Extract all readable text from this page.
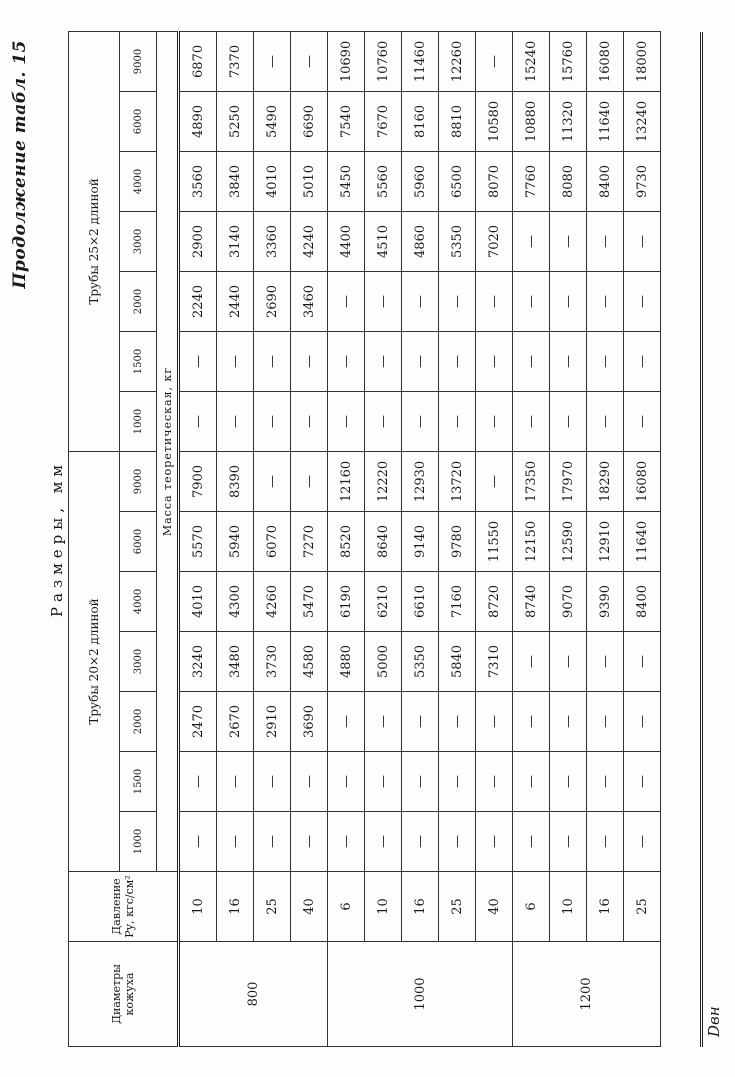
Продолжение табл. 15
Размеры, мм
Диаметры кожуха	Давление Pу, кгс/см²	Трубы 20×2 длиной							Трубы 25×2 длиной						
		1000	1500	2000	3000	4000	6000	9000	1000	1500	2000	3000	4000	6000	9000
		Масса теоретическая, кг													
800	10	—	—	2470	3240	4010	5570	7900	—	—	2240	2900	3560	4890	6870
	16	—	—	2670	3480	4300	5940	8390	—	—	2440	3140	3840	5250	7370
	25	—	—	2910	3730	4260	6070	—	—	—	2690	3360	4010	5490	—
	40	—	—	3690	4580	5470	7270	—	—	—	3460	4240	5010	6690	—
1000	6	—	—	—	4880	6190	8520	12160	—	—	—	4400	5450	7540	10690
	10	—	—	—	5000	6210	8640	12220	—	—	—	4510	5560	7670	10760
	16	—	—	—	5350	6610	9140	12930	—	—	—	4860	5960	8160	11460
	25	—	—	—	5840	7160	9780	13720	—	—	—	5350	6500	8810	12260
	40	—	—	—	7310	8720	11550	—	—	—	—	7020	8070	10580	—
1200	6	—	—	—	—	8740	12150	17350	—	—	—	—	7760	10880	15240
	10	—	—	—	—	9070	12590	17970	—	—	—	—	8080	11320	15760
	16	—	—	—	—	9390	12910	18290	—	—	—	—	8400	11640	16080
	25	—	—	—	—	8400	11640	16080	—	—	—	—	9730	13240	18000
Dвн
